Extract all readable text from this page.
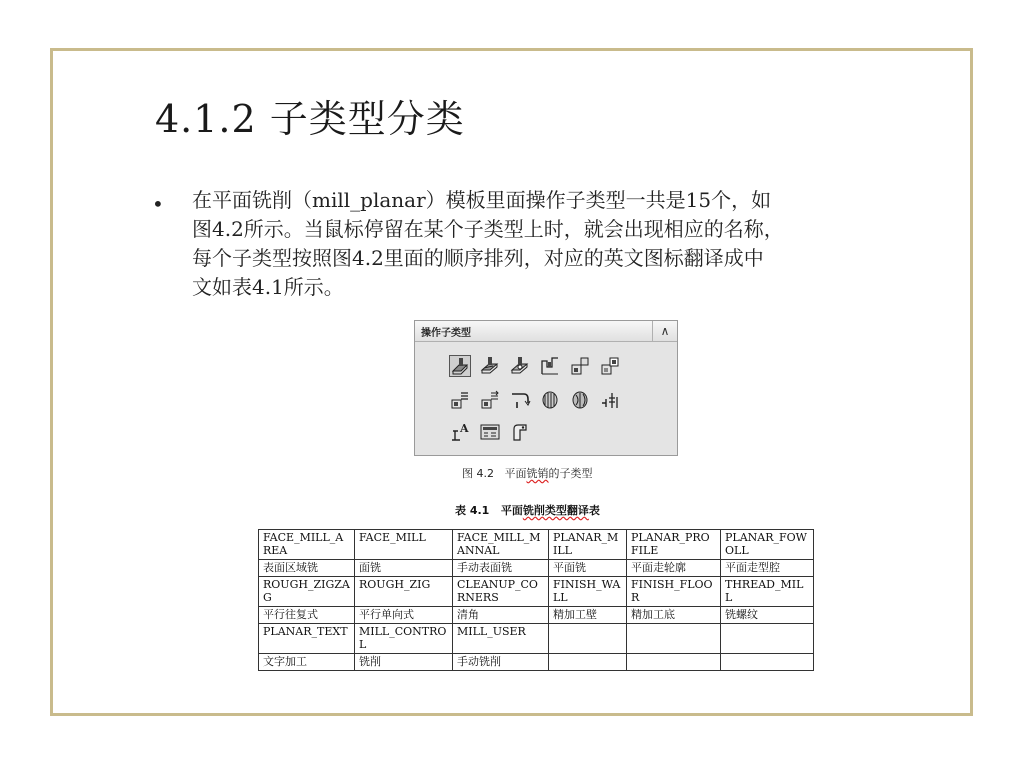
4.1.2 子类型分类
• 在平面铣削（mill_planar）模板里面操作子类型一共是15个，如
图4.2所示。当鼠标停留在某个子类型上时，就会出现相应的名称，
每个子类型按照图4.2里面的顺序排列，对应的英文图标翻译成中
文如表4.1所示。
操作子类型	∧
A
图 4.2 平面铣销的子类型
表 4.1 平面铣削类型翻译表
FACE_MILL_AREA	FACE_MILL	FACE_MILL_MANNAL	PLANAR_MILL	PLANAR_PROFILE	PLANAR_FOWOLL
表面区域铣	面铣	手动表面铣	平面铣	平面走轮廓	平面走型腔
ROUGH_ZIGZAG	ROUGH_ZIG	CLEANUP_CORNERS	FINISH_WALL	FINISH_FLOOR	THREAD_MILL
平行往复式	平行单向式	清角	精加工壁	精加工底	铣螺纹
PLANAR_TEXT	MILL_CONTROL	MILL_USER			
文字加工	铣削	手动铣削			
